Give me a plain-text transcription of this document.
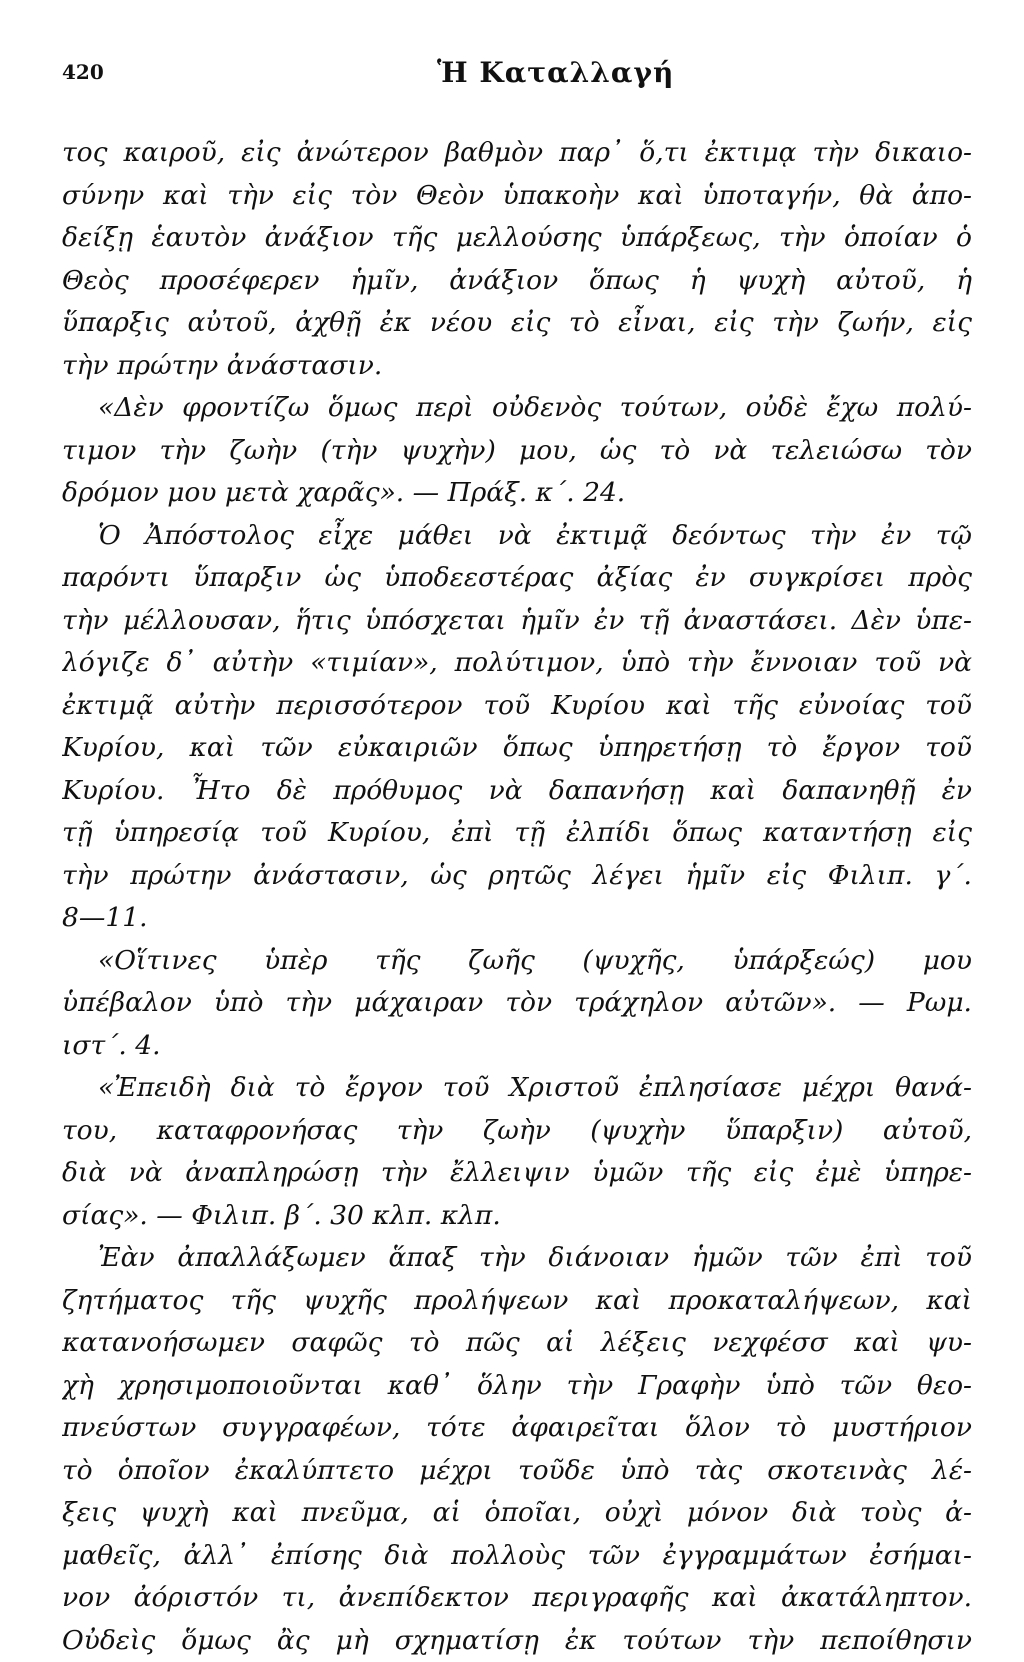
420	Ἡ Καταλλαγή
τος καιροῦ, εἰς ἀνώτερον βαθμὸν παρ᾽ ὅ,τι ἐκτιμᾳ τὴν δικαιο-
σύνην καὶ τὴν εἰς τὸν Θεὸν ὑπακοὴν καὶ ὑποταγήν, θὰ ἀπο-
δείξῃ ἑαυτὸν ἀνάξιον τῆς μελλούσης ὑπάρξεως, τὴν ὁποίαν ὁ
Θεὸς προσέφερεν ἡμῖν, ἀνάξιον ὅπως ἡ ψυχὴ αὐτοῦ, ἡ
ὕπαρξις αὐτοῦ, ἀχθῇ ἐκ νέου εἰς τὸ εἶναι, εἰς τὴν ζωήν, εἰς
τὴν πρώτην ἀνάστασιν.
«Δὲν φροντίζω ὅμως περὶ οὐδενὸς τούτων, οὐδὲ ἔχω πολύ-
τιμον τὴν ζωὴν (τὴν ψυχὴν) μου, ὡς τὸ νὰ τελειώσω τὸν
δρόμον μου μετὰ χαρᾶς». — Πράξ. κ΄. 24.
Ὁ Ἀπόστολος εἶχε μάθει νὰ ἐκτιμᾷ δεόντως τὴν ἐν τῷ
παρόντι ὕπαρξιν ὡς ὑποδεεστέρας ἀξίας ἐν συγκρίσει πρὸς
τὴν μέλλουσαν, ἥτις ὑπόσχεται ἡμῖν ἐν τῇ ἀναστάσει. Δὲν ὑπε-
λόγιζε δ᾽ αὐτὴν «τιμίαν», πολύτιμον, ὑπὸ τὴν ἔννοιαν τοῦ νὰ
ἐκτιμᾷ αὐτὴν περισσότερον τοῦ Κυρίου καὶ τῆς εὐνοίας τοῦ
Κυρίου, καὶ τῶν εὐκαιριῶν ὅπως ὑπηρετήσῃ τὸ ἔργον τοῦ
Κυρίου. Ἦτο δὲ πρόθυμος νὰ δαπανήσῃ καὶ δαπανηθῇ ἐν
τῇ ὑπηρεσίᾳ τοῦ Κυρίου, ἐπὶ τῇ ἐλπίδι ὅπως καταντήσῃ εἰς
τὴν πρώτην ἀνάστασιν, ὡς ρητῶς λέγει ἡμῖν εἰς Φιλιπ. γ΄.
8—11.
«Οἵτινες ὑπὲρ τῆς ζωῆς (ψυχῆς, ὑπάρξεώς) μου
ὑπέβαλον ὑπὸ τὴν μάχαιραν τὸν τράχηλον αὐτῶν». — Ρωμ.
ιστ΄. 4.
«Ἐπειδὴ διὰ τὸ ἔργον τοῦ Χριστοῦ ἐπλησίασε μέχρι θανά-
του, καταφρονήσας τὴν ζωὴν (ψυχὴν ὕπαρξιν) αὐτοῦ,
διὰ νὰ ἀναπληρώσῃ τὴν ἔλλειψιν ὑμῶν τῆς εἰς ἐμὲ ὑπηρε-
σίας». — Φιλιπ. β΄. 30 κλπ. κλπ.
Ἐὰν ἀπαλλάξωμεν ἅπαξ τὴν διάνοιαν ἡμῶν τῶν ἐπὶ τοῦ
ζητήματος τῆς ψυχῆς προλήψεων καὶ προκαταλήψεων, καὶ
κατανοήσωμεν σαφῶς τὸ πῶς αἱ λέξεις νεχφέσσ καὶ ψυ-
χὴ χρησιμοποιοῦνται καθ᾽ ὅλην τὴν Γραφὴν ὑπὸ τῶν θεο-
πνεύστων συγγραφέων, τότε ἀφαιρεῖται ὅλον τὸ μυστήριον
τὸ ὁποῖον ἐκαλύπτετο μέχρι τοῦδε ὑπὸ τὰς σκοτεινὰς λέ-
ξεις ψυχὴ καὶ πνεῦμα, αἱ ὁποῖαι, οὐχὶ μόνον διὰ τοὺς ἀ-
μαθεῖς, ἀλλ᾽ ἐπίσης διὰ πολλοὺς τῶν ἐγγραμμάτων ἐσήμαι-
νον ἀόριστόν τι, ἀνεπίδεκτον περιγραφῆς καὶ ἀκατάληπτον.
Οὐδεὶς ὅμως ἂς μὴ σχηματίσῃ ἐκ τούτων τὴν πεποίθησιν
